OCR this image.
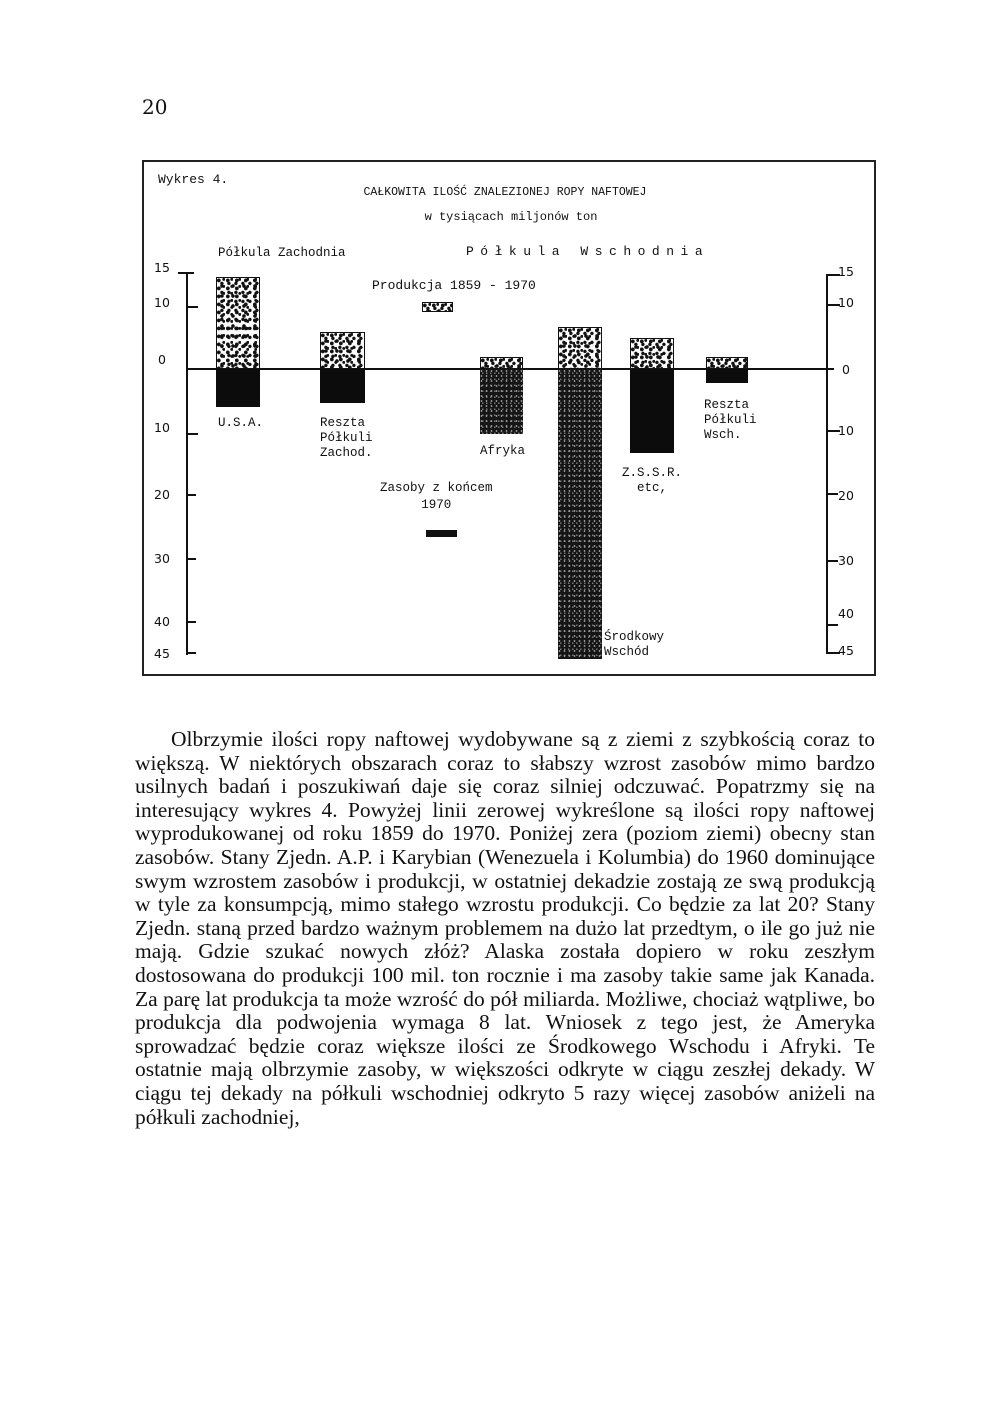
20
Wykres 4.
CAŁKOWITA ILOŚĆ ZNALEZIONEJ ROPY NAFTOWEJ
w tysiącach miljonów ton
Półkula Zachodnia	Półkula Wschodnia
Produkcja 1859 - 1970
Zasoby z końcem
1970
15
10
0
10
20
30
40
45
15
10
0
10
20
30
40
45
U.S.A.	Reszta
Półkuli
Zachod.	Afryka
Środkowy
Wschód
Z.S.S.R.
etc,
Reszta
Półkuli
Wsch.

Olbrzymie ilości ropy naftowej wydobywane są z ziemi z szybkością coraz to większą. W niektórych obszarach coraz to słabszy wzrost zasobów mimo bardzo usilnych badań i poszukiwań daje się coraz silniej odczuwać. Popatrzmy się na interesujący wykres 4. Powyżej linii zerowej wykreślone są ilości ropy naftowej wyprodukowanej od roku 1859 do 1970. Poniżej zera (poziom ziemi) obecny stan zasobów. Stany Zjedn. A.P. i Karybian (Wenezuela i Kolumbia) do 1960 dominujące swym wzrostem zasobów i produkcji, w ostatniej dekadzie zostają ze swą produkcją w tyle za konsumpcją, mimo stałego wzrostu produkcji. Co będzie za lat 20? Stany Zjedn. staną przed bardzo ważnym problemem na dużo lat przedtym, o ile go już nie mają. Gdzie szukać nowych złóż? Alaska została dopiero w roku zeszłym dostosowana do produkcji 100 mil. ton rocznie i ma zasoby takie same jak Kanada. Za parę lat produkcja ta może wzrość do pół miliarda. Możliwe, chociaż wątpliwe, bo produkcja dla podwojenia wymaga 8 lat. Wniosek z tego jest, że Ameryka sprowadzać będzie coraz większe ilości ze Środkowego Wschodu i Afryki. Te ostatnie mają olbrzymie zasoby, w większości odkryte w ciągu zeszłej dekady. W ciągu tej dekady na półkuli wschodniej odkryto 5 razy więcej zasobów aniżeli na półkuli zachodniej,
